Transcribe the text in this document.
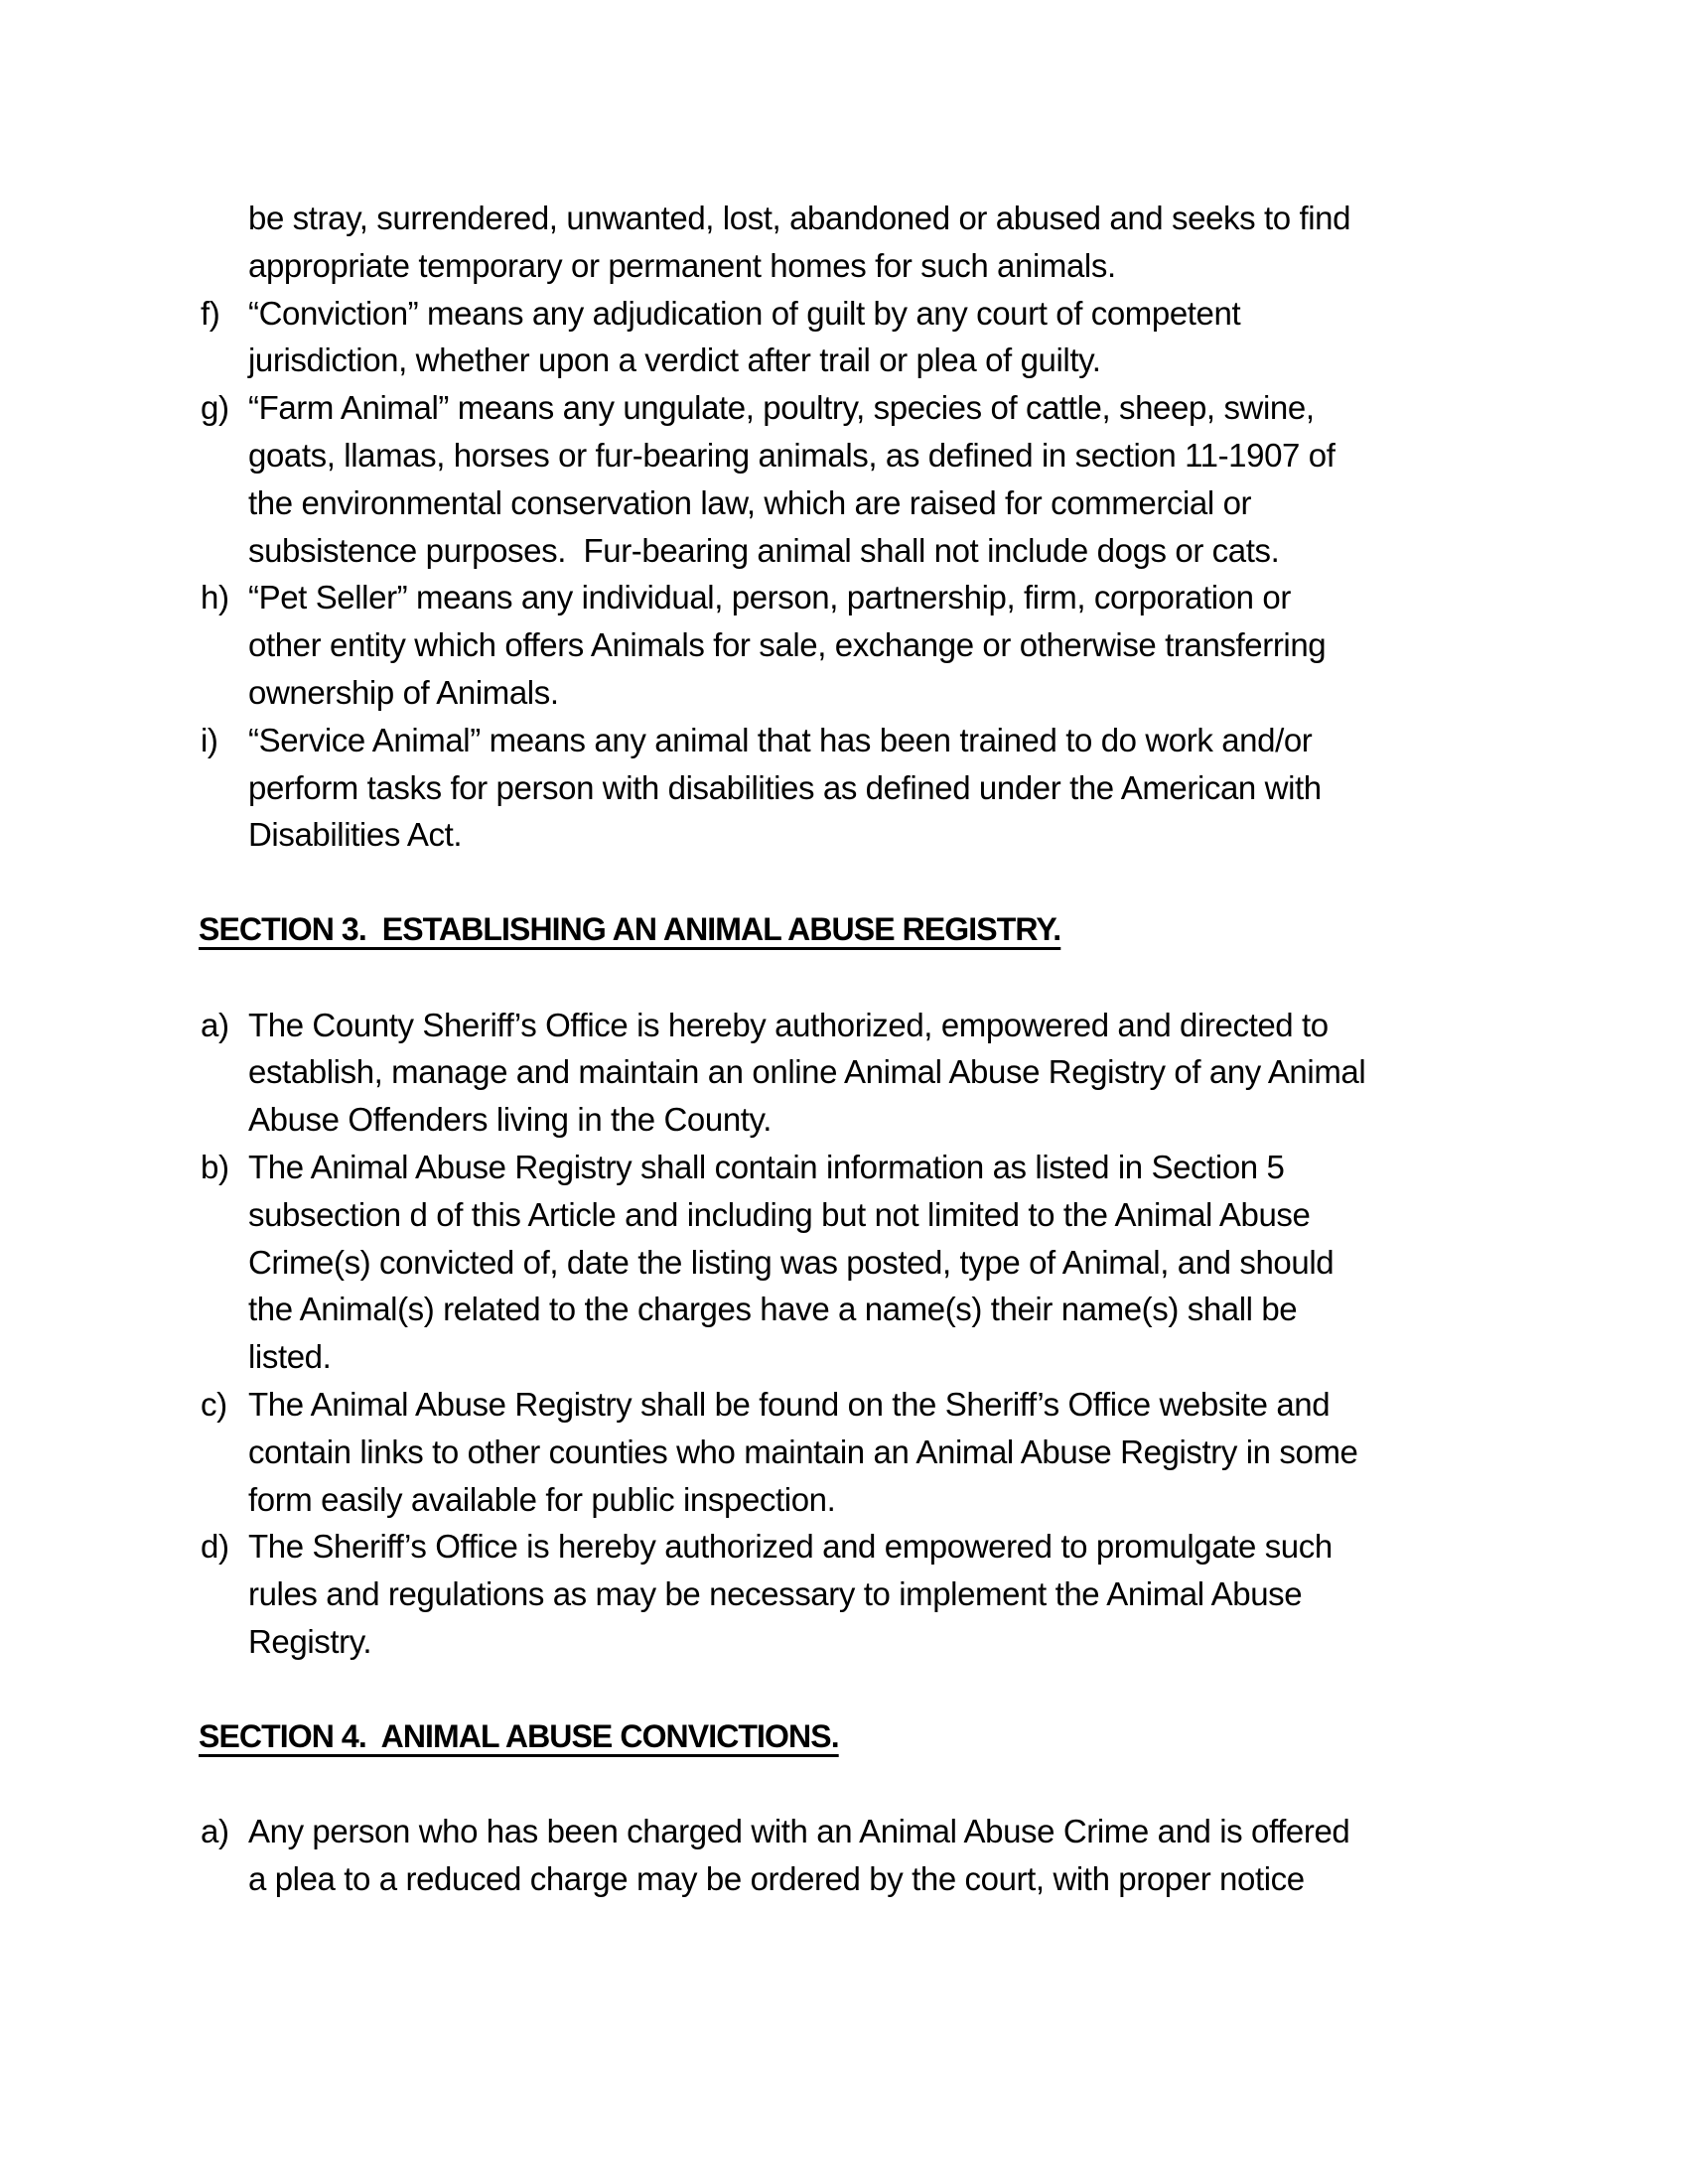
be stray, surrendered, unwanted, lost, abandoned or abused and seeks to find
appropriate temporary or permanent homes for such animals.
f) “Conviction” means any adjudication of guilt by any court of competent
jurisdiction, whether upon a verdict after trail or plea of guilty.
g) “Farm Animal” means any ungulate, poultry, species of cattle, sheep, swine,
goats, llamas, horses or fur-bearing animals, as defined in section 11-1907 of
the environmental conservation law, which are raised for commercial or
subsistence purposes.  Fur-bearing animal shall not include dogs or cats.
h) “Pet Seller” means any individual, person, partnership, firm, corporation or
other entity which offers Animals for sale, exchange or otherwise transferring
ownership of Animals.
i) “Service Animal” means any animal that has been trained to do work and/or
perform tasks for person with disabilities as defined under the American with
Disabilities Act.
SECTION 3.  ESTABLISHING AN ANIMAL ABUSE REGISTRY.
a) The County Sheriff’s Office is hereby authorized, empowered and directed to
establish, manage and maintain an online Animal Abuse Registry of any Animal
Abuse Offenders living in the County.
b) The Animal Abuse Registry shall contain information as listed in Section 5
subsection d of this Article and including but not limited to the Animal Abuse
Crime(s) convicted of, date the listing was posted, type of Animal, and should
the Animal(s) related to the charges have a name(s) their name(s) shall be
listed.
c) The Animal Abuse Registry shall be found on the Sheriff’s Office website and
contain links to other counties who maintain an Animal Abuse Registry in some
form easily available for public inspection.
d) The Sheriff’s Office is hereby authorized and empowered to promulgate such
rules and regulations as may be necessary to implement the Animal Abuse
Registry.
SECTION 4.  ANIMAL ABUSE CONVICTIONS.
a) Any person who has been charged with an Animal Abuse Crime and is offered
a plea to a reduced charge may be ordered by the court, with proper notice
